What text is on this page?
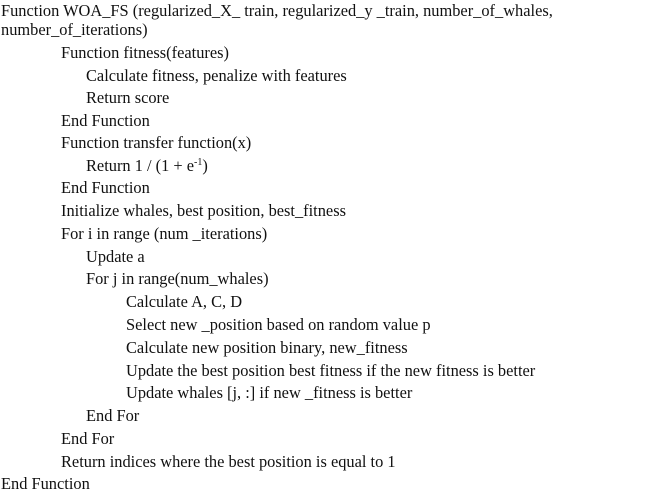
Function WOA_FS (regularized_X_ train, regularized_y _train, number_of_whales,
number_of_iterations)
Function fitness(features)
Calculate fitness, penalize with features
Return score
End Function
Function transfer function(x)
Return $1 / (1 + e^{-1})$
End Function
Initialize whales, best position, best_fitness
For i in range (num _iterations)
Update a
For j in range(num_whales)
Calculate A, C, D
Select new _position based on random value p
Calculate new position binary, new_fitness
Update the best position best fitness if the new fitness is better
Update whales [j, :] if new _fitness is better
End For
End For
Return indices where the best position is equal to 1
End Function
